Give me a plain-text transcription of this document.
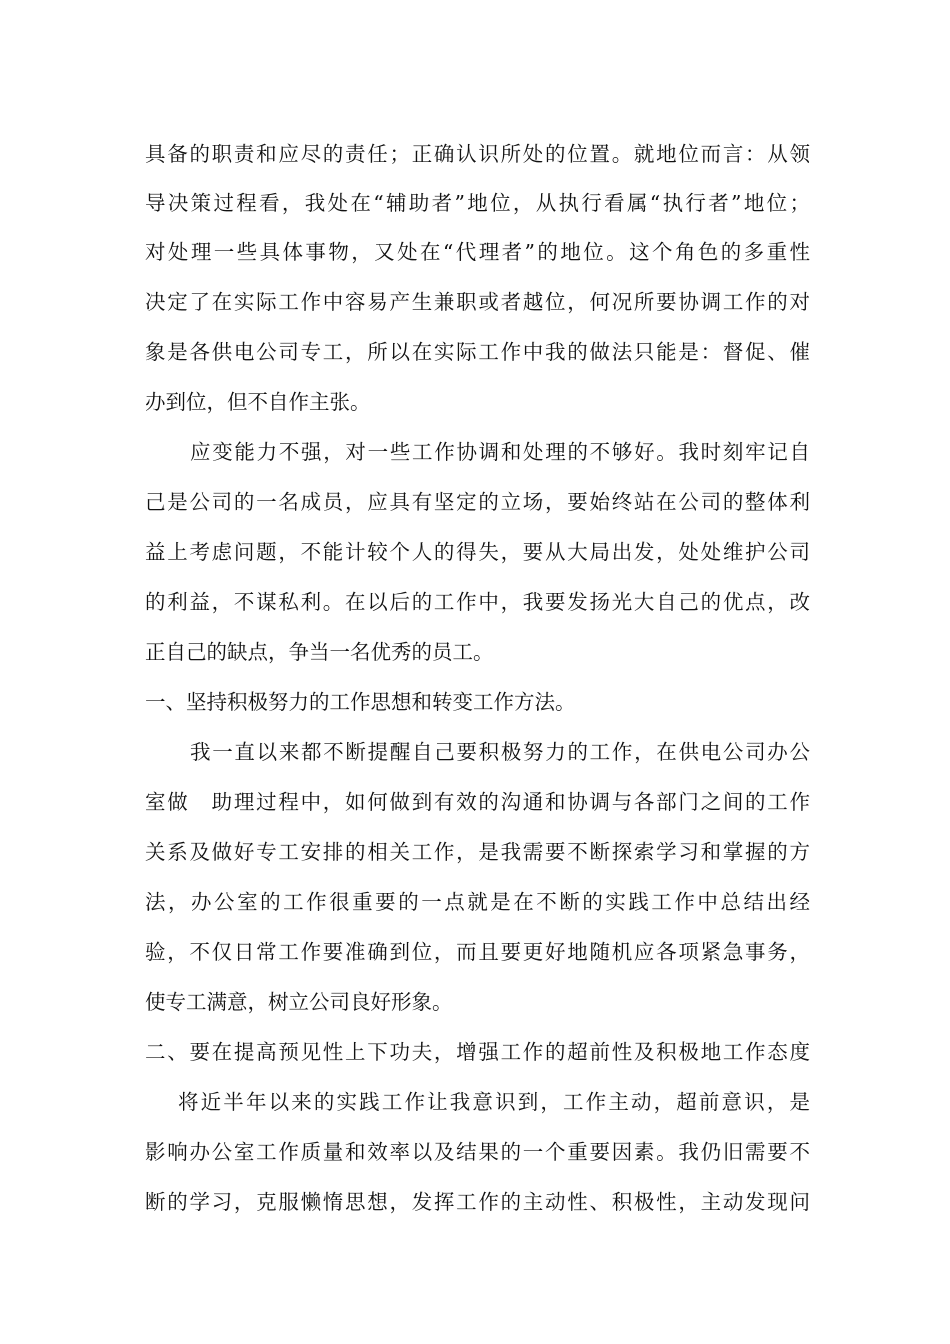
具备的职责和应尽的责任；正确认识所处的位置。就地位而言：从领

导决策过程看，我处在“辅助者”地位，从执行看属“执行者”地位；

对处理一些具体事物，又处在“代理者”的地位。这个角色的多重性

决定了在实际工作中容易产生兼职或者越位，何况所要协调工作的对

象是各供电公司专工，所以在实际工作中我的做法只能是：督促、催

办到位，但不自作主张。

应变能力不强，对一些工作协调和处理的不够好。我时刻牢记自

己是公司的一名成员，应具有坚定的立场，要始终站在公司的整体利

益上考虑问题，不能计较个人的得失，要从大局出发，处处维护公司

的利益，不谋私利。在以后的工作中，我要发扬光大自己的优点，改

正自己的缺点，争当一名优秀的员工。

一、坚持积极努力的工作思想和转变工作方法。

我一直以来都不断提醒自己要积极努力的工作，在供电公司办公

室做　助理过程中，如何做到有效的沟通和协调与各部门之间的工作

关系及做好专工安排的相关工作，是我需要不断探索学习和掌握的方

法，办公室的工作很重要的一点就是在不断的实践工作中总结出经

验，不仅日常工作要准确到位，而且要更好地随机应各项紧急事务，

使专工满意，树立公司良好形象。

二、要在提高预见性上下功夫，增强工作的超前性及积极地工作态度

将近半年以来的实践工作让我意识到，工作主动，超前意识，是

影响办公室工作质量和效率以及结果的一个重要因素。我仍旧需要不

断的学习，克服懒惰思想，发挥工作的主动性、积极性，主动发现问
